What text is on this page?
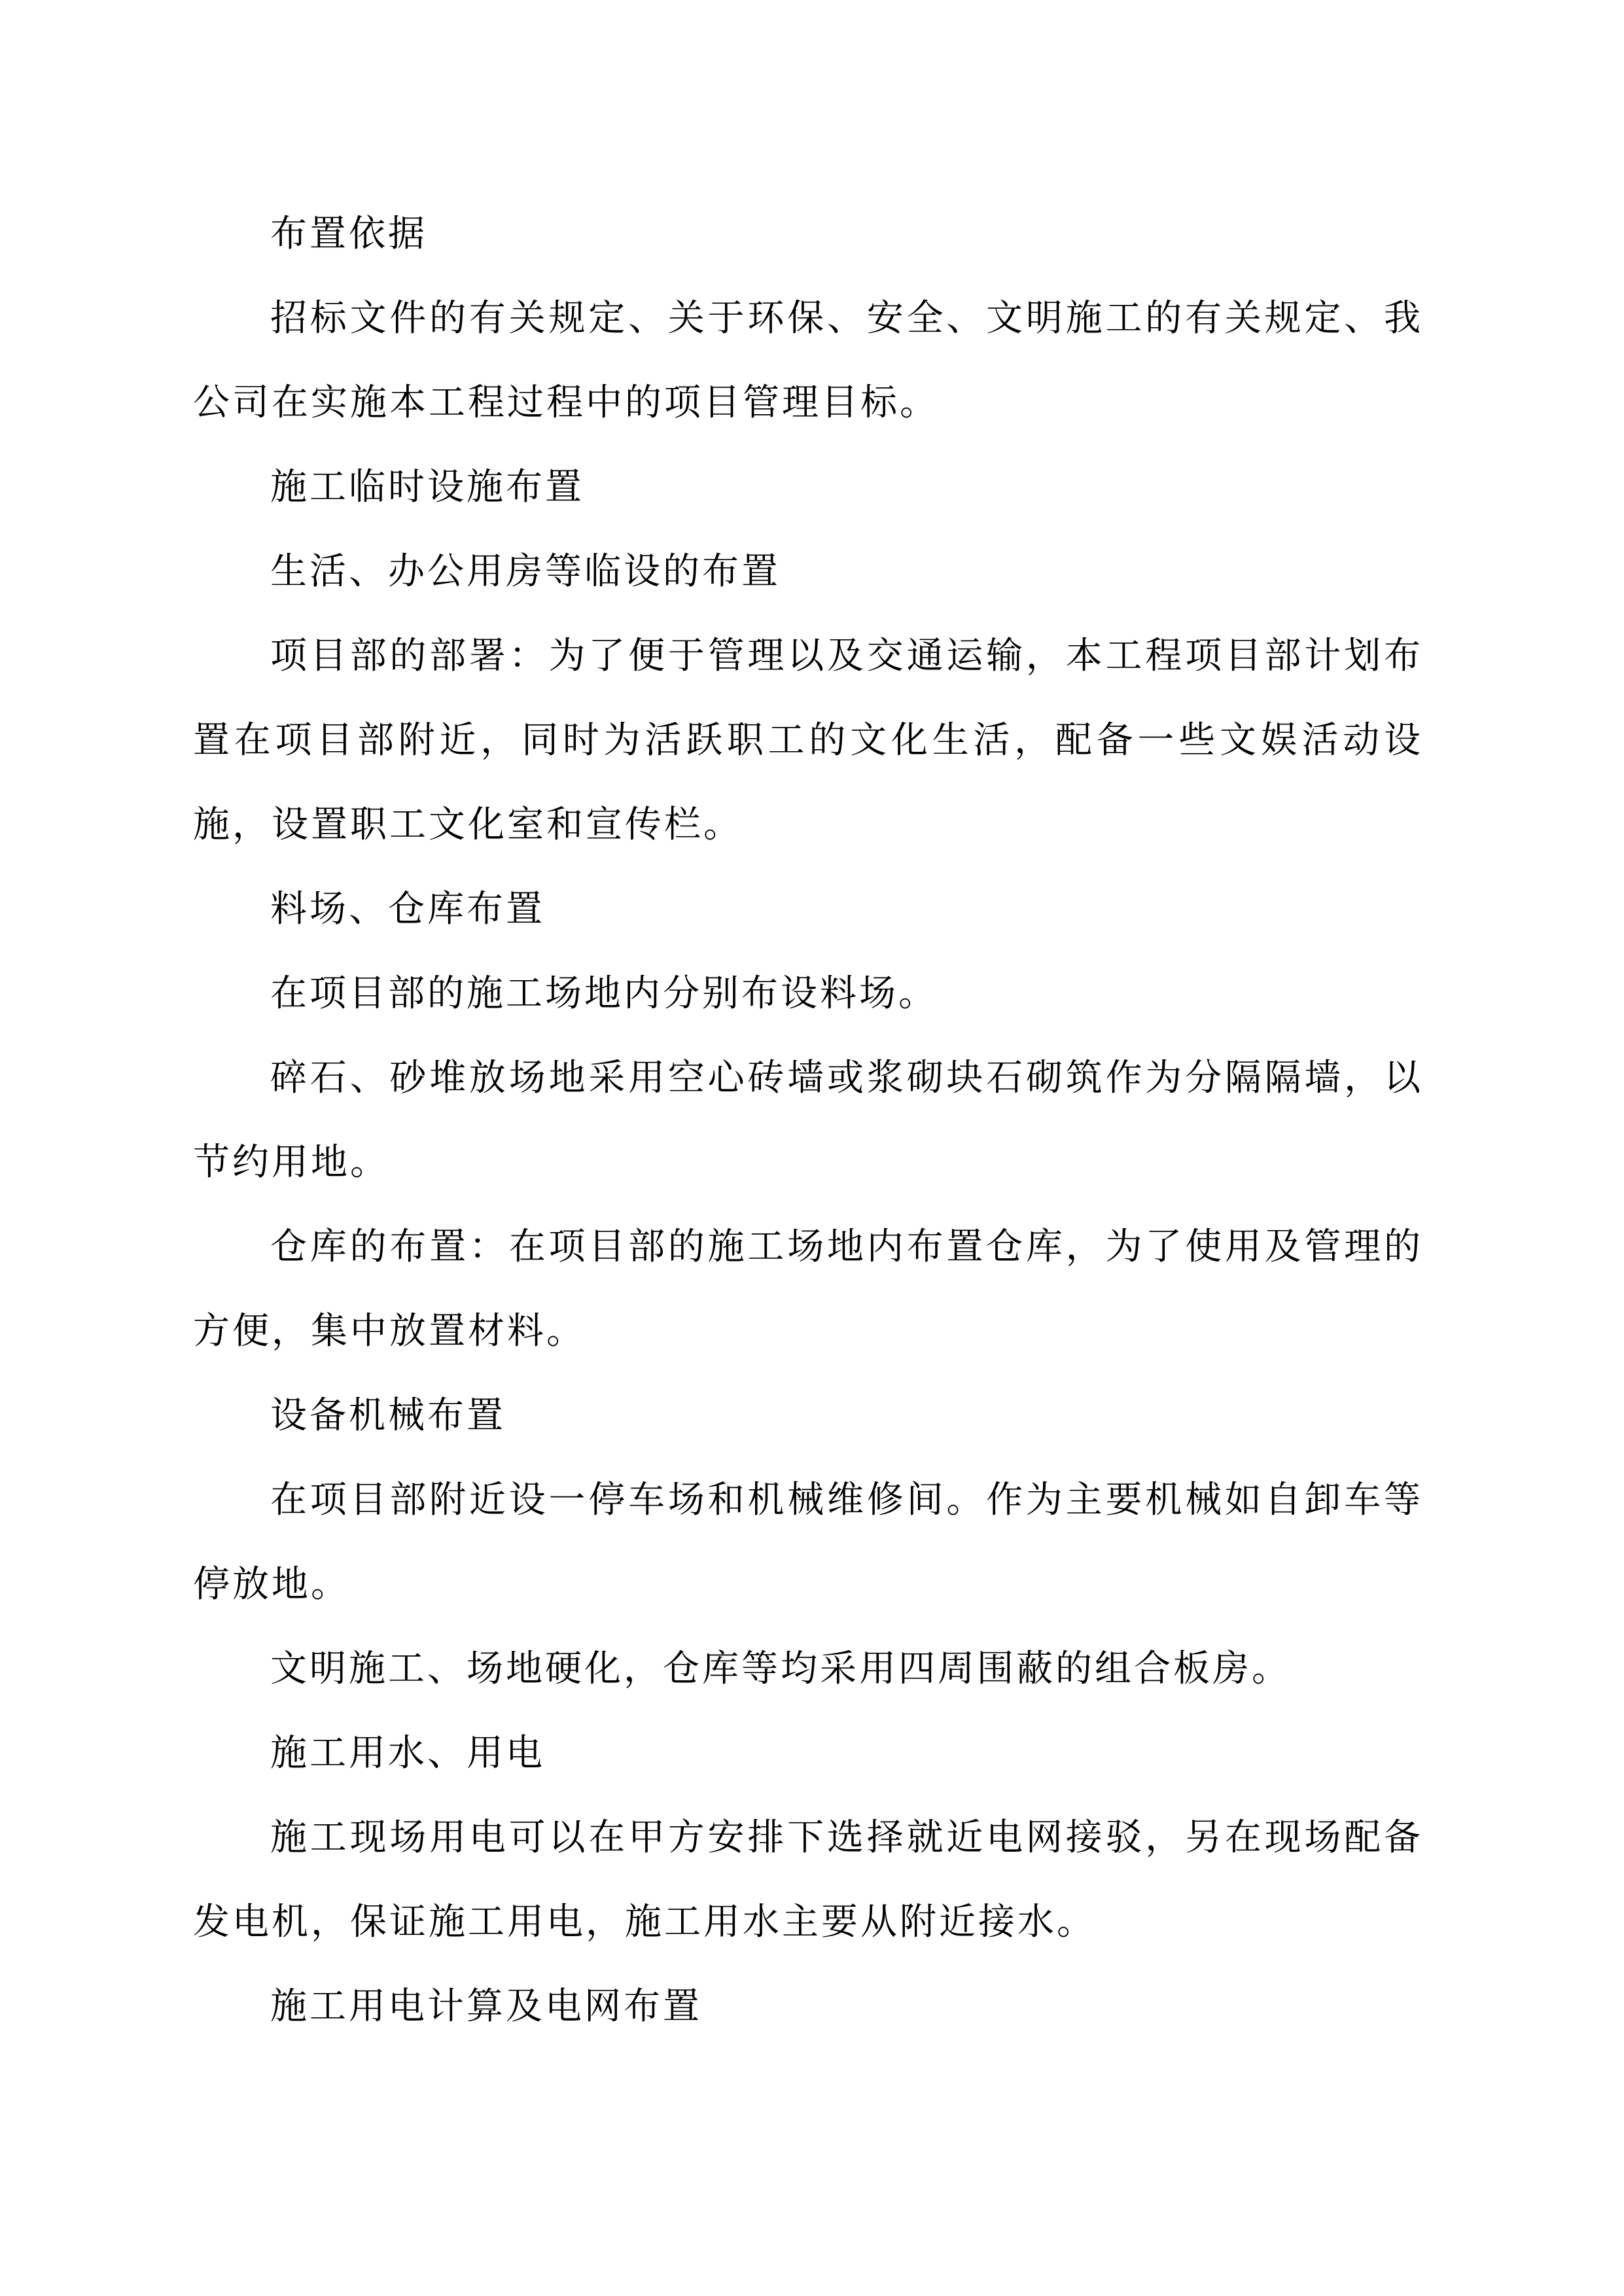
布置依据

招标文件的有关规定、关于环保、安全、文明施工的有关规定、我公司在实施本工程过程中的项目管理目标。

施工临时设施布置

生活、办公用房等临设的布置

项目部的部署：为了便于管理以及交通运输，本工程项目部计划布置在项目部附近，同时为活跃职工的文化生活，配备一些文娱活动设施，设置职工文化室和宣传栏。

料场、仓库布置

在项目部的施工场地内分别布设料场。

碎石、砂堆放场地采用空心砖墙或浆砌块石砌筑作为分隔隔墙，以节约用地。

仓库的布置：在项目部的施工场地内布置仓库，为了使用及管理的方便，集中放置材料。

设备机械布置

在项目部附近设一停车场和机械维修间。作为主要机械如自卸车等停放地。

文明施工、场地硬化，仓库等均采用四周围蔽的组合板房。

施工用水、用电

施工现场用电可以在甲方安排下选择就近电网接驳，另在现场配备发电机，保证施工用电，施工用水主要从附近接水。

施工用电计算及电网布置
